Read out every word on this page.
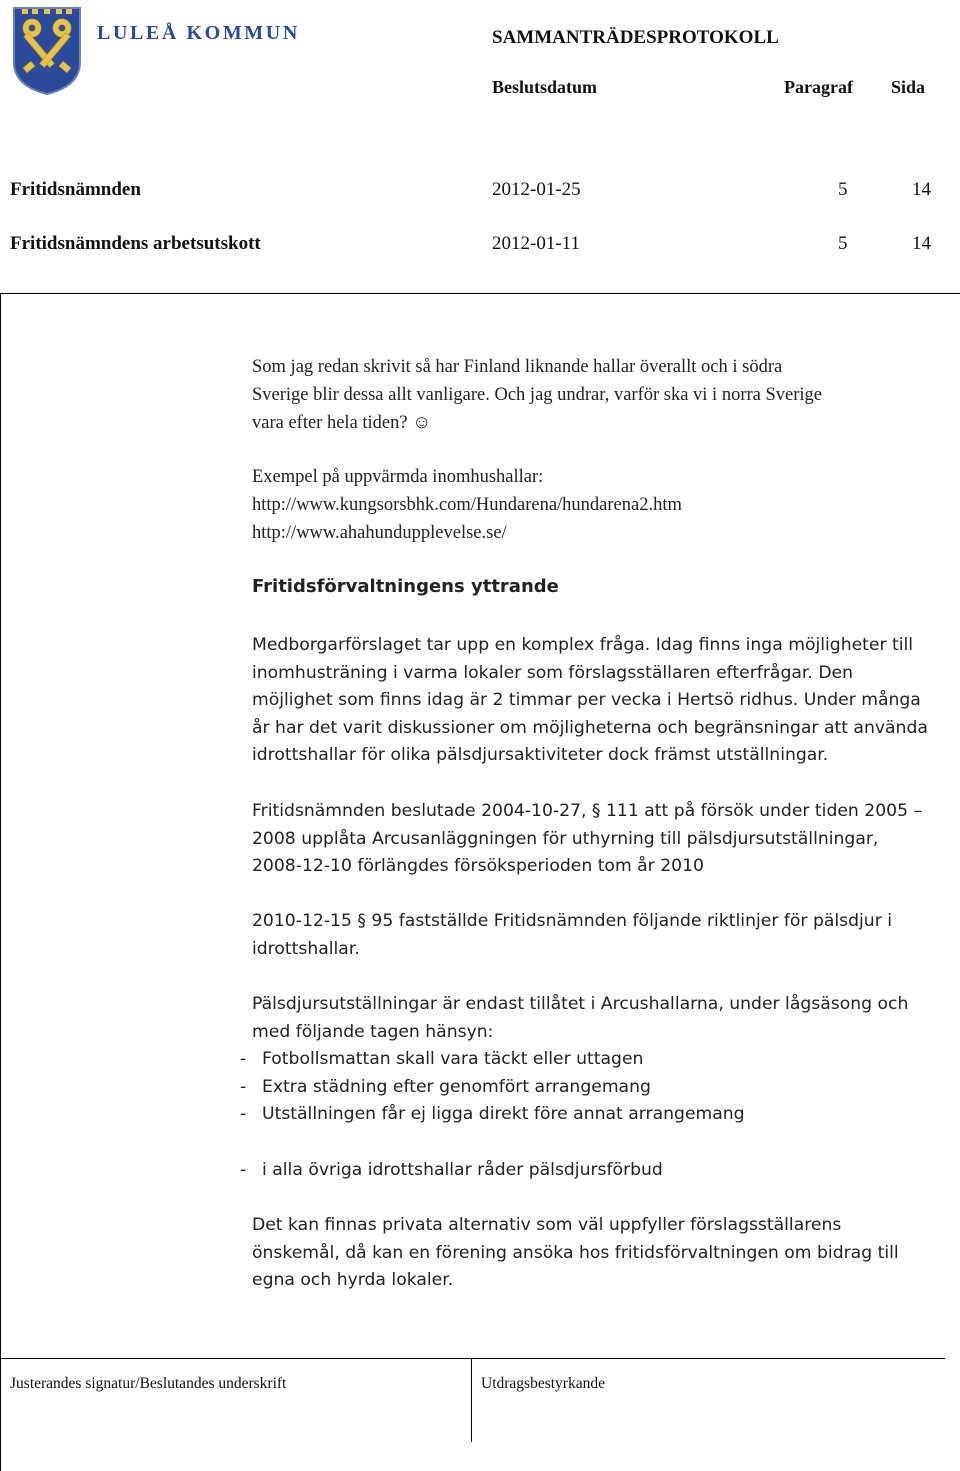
LULEÅ KOMMUN	SAMMANTRÄDESPROTOKOLL
Beslutsdatum	Paragraf Sida
Fritidsnämnden	2012-01-25	5	14
Fritidsnämndens arbetsutskott	2012-01-11	5	14
Som jag redan skrivit så har Finland liknande hallar överallt och i södra
Sverige blir dessa allt vanligare. Och jag undrar, varför ska vi i norra Sverige
vara efter hela tiden? ☺
Exempel på uppvärmda inomhushallar:
http://www.kungsorsbhk.com/Hundarena/hundarena2.htm
http://www.ahahundupplevelse.se/
Fritidsförvaltningens yttrande
Medborgarförslaget tar upp en komplex fråga. Idag finns inga möjligheter till
inomhusträning i varma lokaler som förslagsställaren efterfrågar. Den
möjlighet som finns idag är 2 timmar per vecka i Hertsö ridhus. Under många
år har det varit diskussioner om möjligheterna och begränsningar att använda
idrottshallar för olika pälsdjursaktiviteter dock främst utställningar.
Fritidsnämnden beslutade 2004-10-27, § 111 att på försök under tiden 2005 –
2008 upplåta Arcusanläggningen för uthyrning till pälsdjursutställningar,
2008-12-10 förlängdes försöksperioden tom år 2010
2010-12-15 § 95 fastställde Fritidsnämnden följande riktlinjer för pälsdjur i
idrottshallar.
Pälsdjursutställningar är endast tillåtet i Arcushallarna, under lågsäsong och
med följande tagen hänsyn:
- Fotbollsmattan skall vara täckt eller uttagen
- Extra städning efter genomfört arrangemang
- Utställningen får ej ligga direkt före annat arrangemang
- i alla övriga idrottshallar råder pälsdjursförbud
Det kan finnas privata alternativ som väl uppfyller förslagsställarens
önskemål, då kan en förening ansöka hos fritidsförvaltningen om bidrag till
egna och hyrda lokaler.
Justerandes signatur/Beslutandes underskrift	Utdragsbestyrkande
